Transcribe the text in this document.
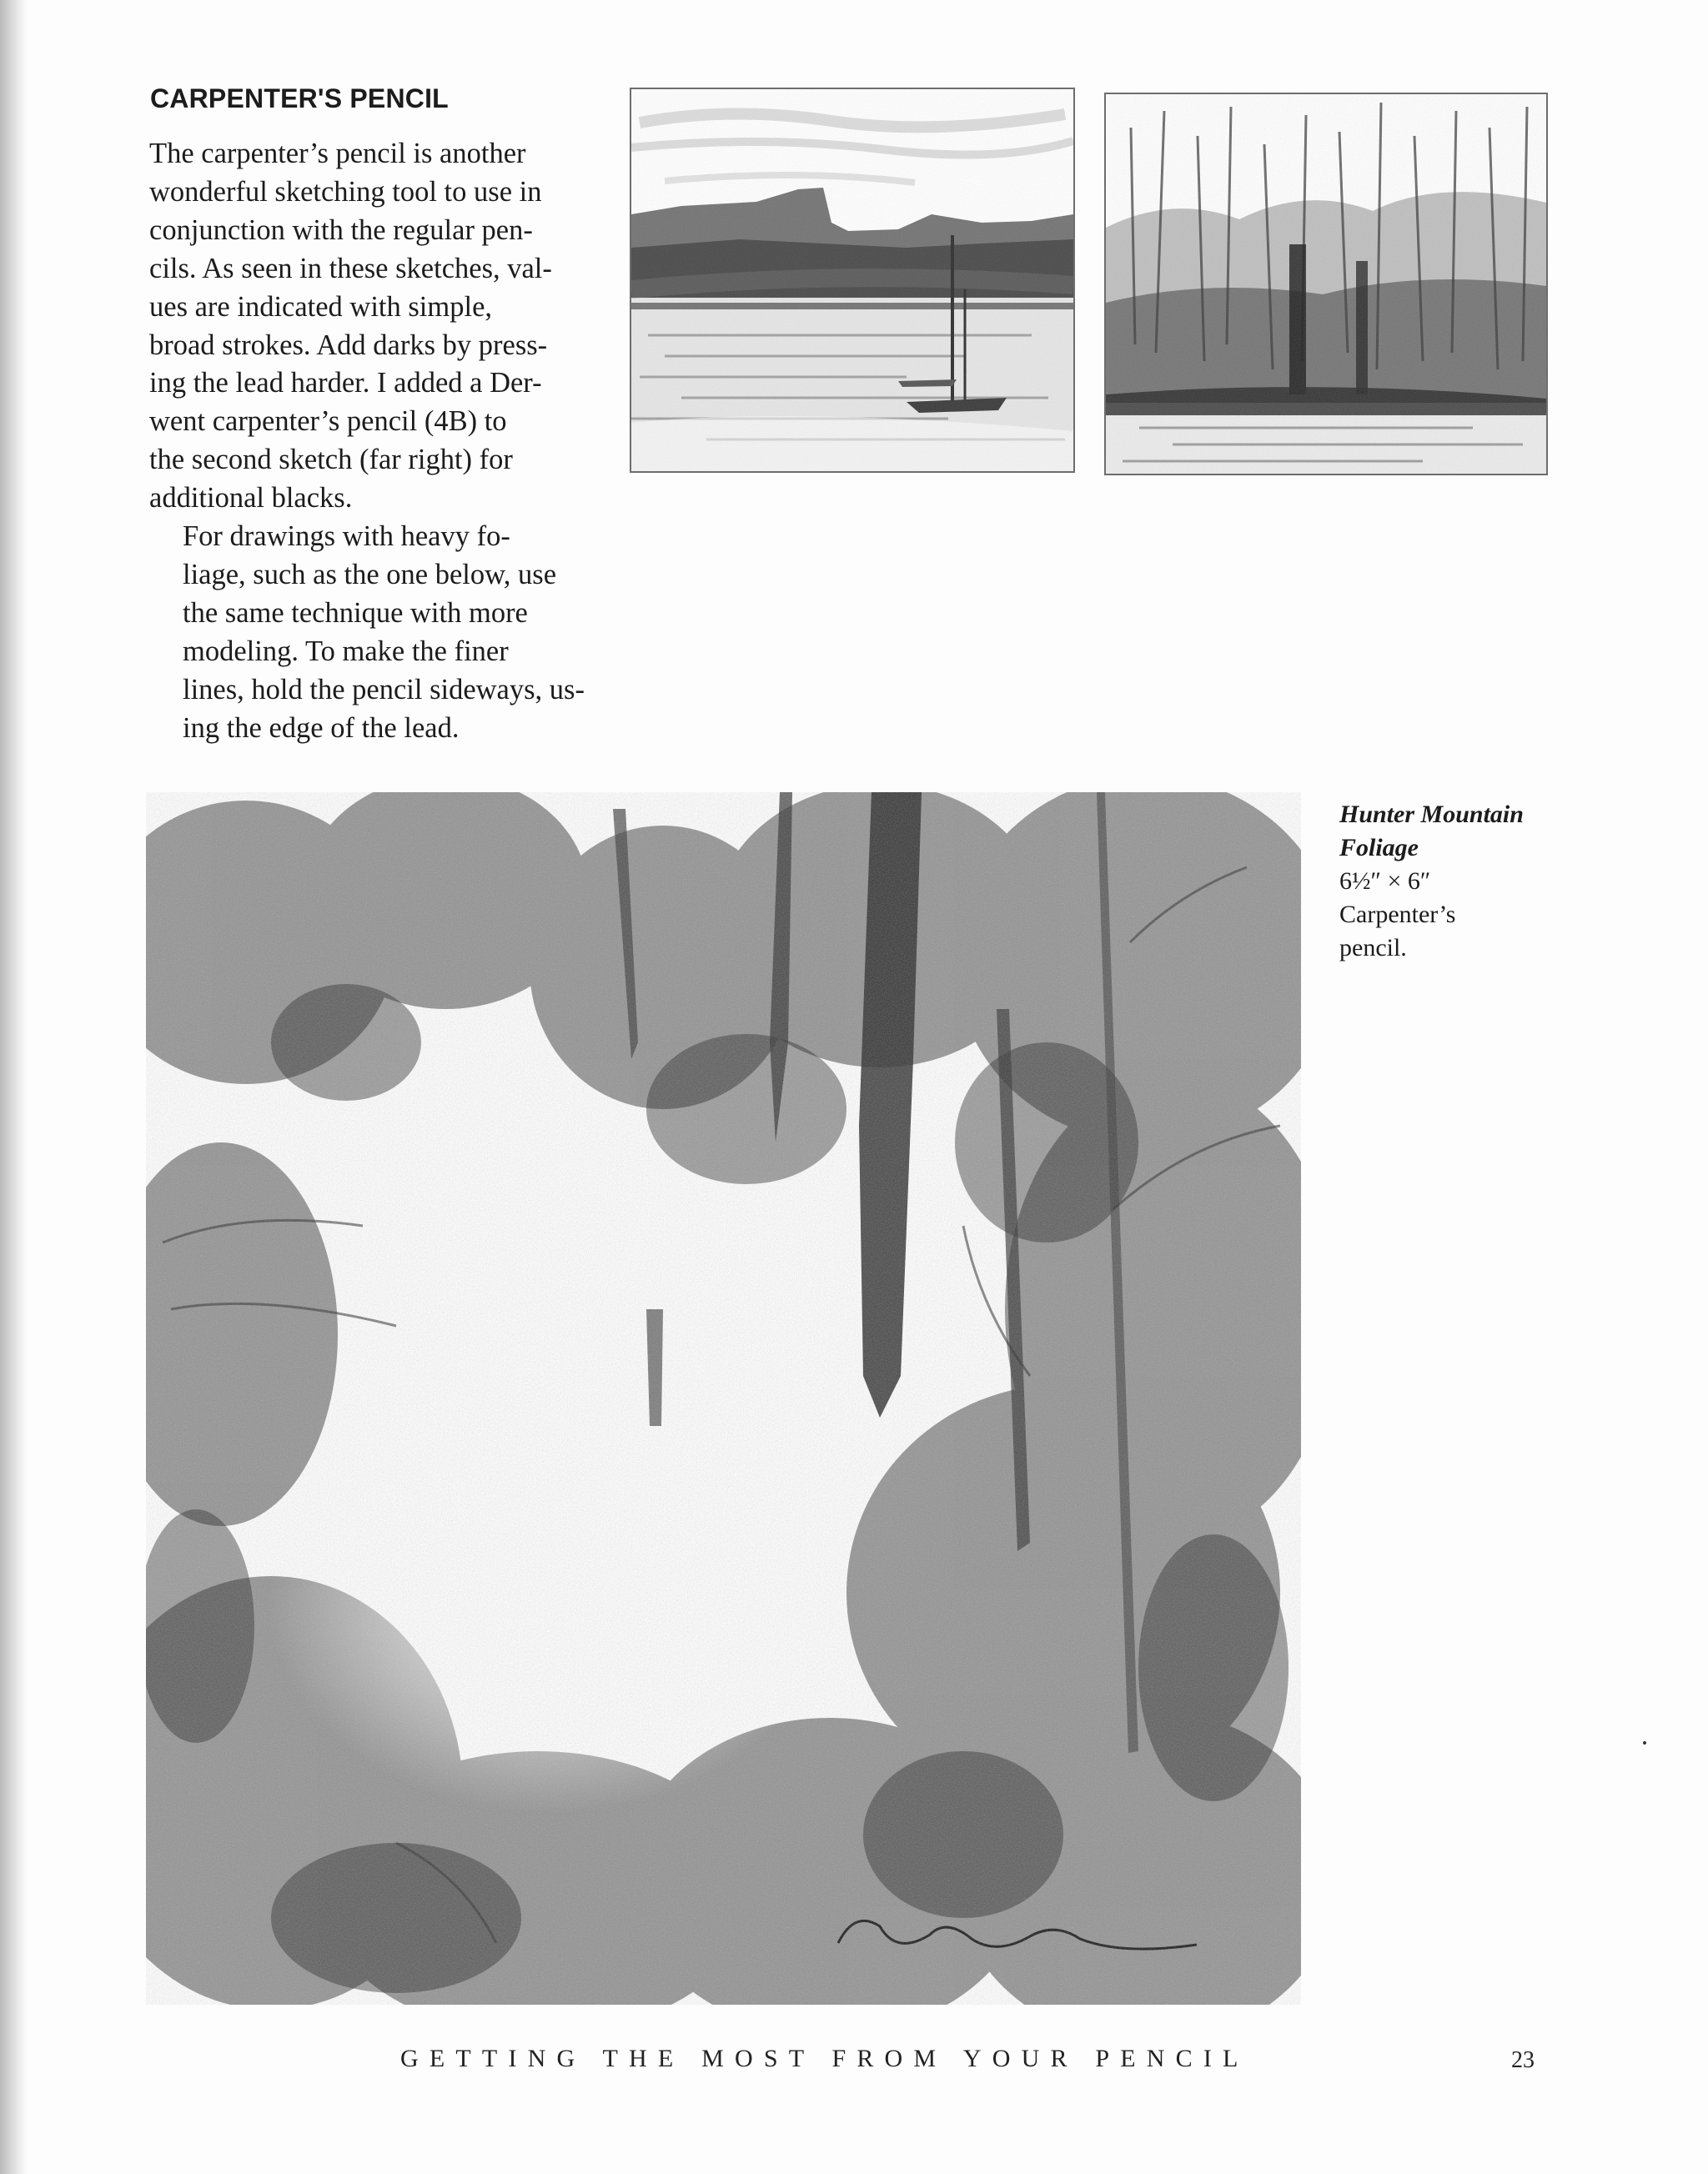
CARPENTER'S PENCIL

The carpenter’s pencil is another
wonderful sketching tool to use in
conjunction with the regular pen-
cils. As seen in these sketches, val-
ues are indicated with simple,
broad strokes. Add darks by press-
ing the lead harder. I added a Der-
went carpenter’s pencil (4B) to
the second sketch (far right) for
additional blacks.

For drawings with heavy fo-
liage, such as the one below, use
the same technique with more
modeling. To make the finer
lines, hold the pencil sideways, us-
ing the edge of the lead.

Hunter Mountain
Foliage
6½″ × 6″
Carpenter’s
pencil.
GETTING THE MOST FROM YOUR PENCIL	23
